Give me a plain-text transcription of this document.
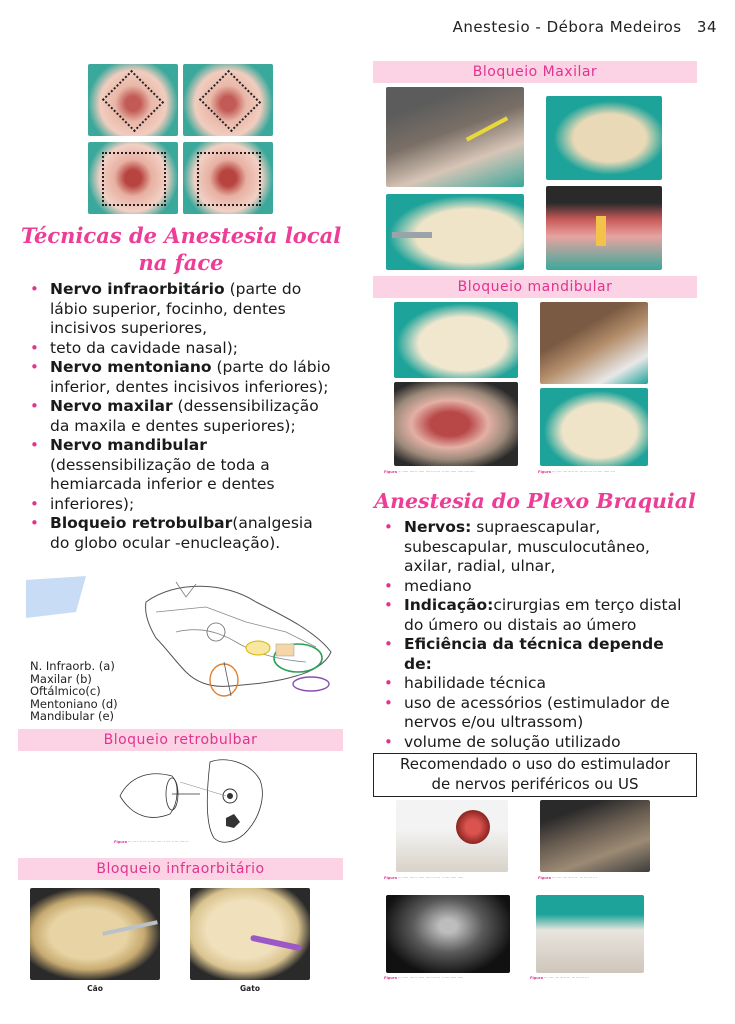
Anestesio - Débora Medeiros 34
Técnicas de Anestesia local
na face
• Nervo infraorbitário (parte do lábio superior, focinho, dentes incisivos superiores,
• teto da cavidade nasal);
• Nervo mentoniano (parte do lábio inferior, dentes incisivos inferiores);
• Nervo maxilar (dessensibilização da maxila e dentes superiores);
• Nervo mandibular (dessensibilização de toda a hemiarcada inferior e dentes
• inferiores);
• Bloqueio retrobulbar(analgesia do globo ocular -enucleação).
N. Infraorb. (a)
Maxilar (b)
Oftálmico(c)
Mentoniano (d)
Mandibular (e)
Bloqueio retrobulbar
Figura ··· ··· ···· ··· ·· ···· ···· ·· ···· ·· ··· ···· ···
Bloqueio infraorbitário
Cão	Gato
Bloqueio Maxilar
Bloqueio mandibular
Figura ··· ····· ···· ·· ····· ···· ···· ··· ·· ···· ····· ····· ···· ····	Figura ··· ···· ···· ····· ··· ··· ···· ·· ··· ···· ····· ····
Anestesia do Plexo Braquial
• Nervos: supraescapular, subescapular, musculocutâneo, axilar, radial, ulnar,
• mediano
• Indicação:cirurgias em terço distal do úmero ou distais ao úmero
• Eficiência da técnica depende de:
• habilidade técnica
• uso de acessórios (estimulador de nervos e/ou ultrassom)
• volume de solução utilizado
Recomendado o uso do estimulador
de nervos periféricos ou US
Figura ··· ····· ···· ·· ····· ···· ···· ··· ·· ···· ····· ·····	Figura ··· ···· ···· ····· ··· ··· ···· ·· ···
Figura ··· ····· ···· ·· ····· ···· ···· ··· ·· ···· ····· ·····	Figura ··· ···· ···· ····· ··· ··· ···· ·· ···
